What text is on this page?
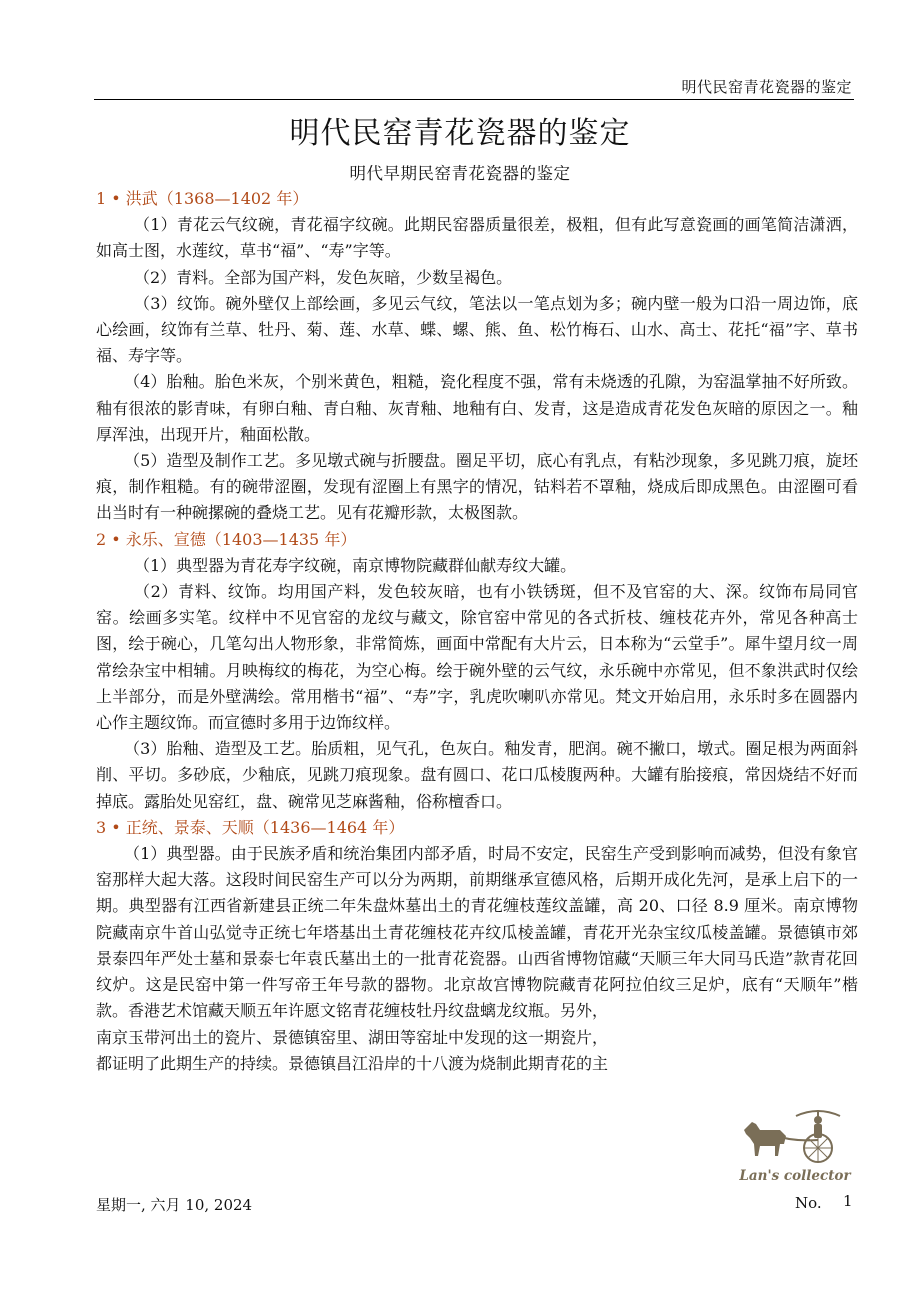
明代民窑青花瓷器的鉴定
明代民窑青花瓷器的鉴定
明代早期民窑青花瓷器的鉴定

1 • 洪武（1368—1402 年）

（1）青花云气纹碗，青花福字纹碗。此期民窑器质量很差，极粗，但有此写意瓷画的画笔简洁潇洒，如高士图，水莲纹，草书“福”、“寿”字等。

（2）青料。全部为国产料，发色灰暗，少数呈褐色。

（3）纹饰。碗外壁仅上部绘画，多见云气纹，笔法以一笔点划为多；碗内壁一般为口沿一周边饰，底心绘画，纹饰有兰草、牡丹、菊、莲、水草、蝶、螺、熊、鱼、松竹梅石、山水、高士、花托“福”字、草书福、寿字等。

（4）胎釉。胎色米灰，个别米黄色，粗糙，瓷化程度不强，常有未烧透的孔隙，为窑温掌抽不好所致。釉有很浓的影青味，有卵白釉、青白釉、灰青釉、地釉有白、发青，这是造成青花发色灰暗的原因之一。釉厚浑浊，出现开片，釉面松散。

（5）造型及制作工艺。多见墩式碗与折腰盘。圈足平切，底心有乳点，有粘沙现象，多见跳刀痕，旋坯痕，制作粗糙。有的碗带涩圈，发现有涩圈上有黑字的情况，钴料若不罩釉，烧成后即成黑色。由涩圈可看出当时有一种碗摞碗的叠烧工艺。见有花瓣形款，太极图款。

2 • 永乐、宣德（1403—1435 年）

（1）典型器为青花寿字纹碗，南京博物院藏群仙献寿纹大罐。

（2）青料、纹饰。均用国产料，发色较灰暗，也有小铁锈斑，但不及官窑的大、深。纹饰布局同官窑。绘画多实笔。纹样中不见官窑的龙纹与藏文，除官窑中常见的各式折枝、缠枝花卉外，常见各种高士图，绘于碗心，几笔勾出人物形象，非常简炼，画面中常配有大片云，日本称为“云堂手”。犀牛望月纹一周常绘杂宝中相辅。月映梅纹的梅花，为空心梅。绘于碗外壁的云气纹，永乐碗中亦常见，但不象洪武时仅绘上半部分，而是外壁满绘。常用楷书“福”、“寿”字，乳虎吹喇叭亦常见。梵文开始启用，永乐时多在圆器内心作主题纹饰。而宣德时多用于边饰纹样。

（3）胎釉、造型及工艺。胎质粗，见气孔，色灰白。釉发青，肥润。碗不撇口，墩式。圈足根为两面斜削、平切。多砂底，少釉底，见跳刀痕现象。盘有圆口、花口瓜棱腹两种。大罐有胎接痕，常因烧结不好而掉底。露胎处见窑红，盘、碗常见芝麻酱釉，俗称檀香口。

3 • 正统、景泰、天顺（1436—1464 年）

（1）典型器。由于民族矛盾和统治集团内部矛盾，时局不安定，民窑生产受到影响而减势，但没有象官窑那样大起大落。这段时间民窑生产可以分为两期，前期继承宣德风格，后期开成化先河，是承上启下的一期。典型器有江西省新建县正统二年朱盘炑墓出土的青花缠枝莲纹盖罐，高 20、口径 8.9 厘米。南京博物院藏南京牛首山弘觉寺正统七年塔基出土青花缠枝花卉纹瓜棱盖罐，青花开光杂宝纹瓜棱盖罐。景德镇市郊景泰四年严处士墓和景泰七年袁氏墓出土的一批青花瓷器。山西省博物馆藏“天顺三年大同马氏造”款青花回纹炉。这是民窑中第一件写帝王年号款的器物。北京故宫博物院藏青花阿拉伯纹三足炉，底有“天顺年”楷款。香港艺术馆藏天顺五年许愿文铭青花缠枝牡丹纹盘螭龙纹瓶。另外，

南京玉带河出土的瓷片、景德镇窑里、湖田等窑址中发现的这一期瓷片，

都证明了此期生产的持续。景德镇昌江沿岸的十八渡为烧制此期青花的主

Lan's collector
星期一, 六月 10, 2024	No. 1
